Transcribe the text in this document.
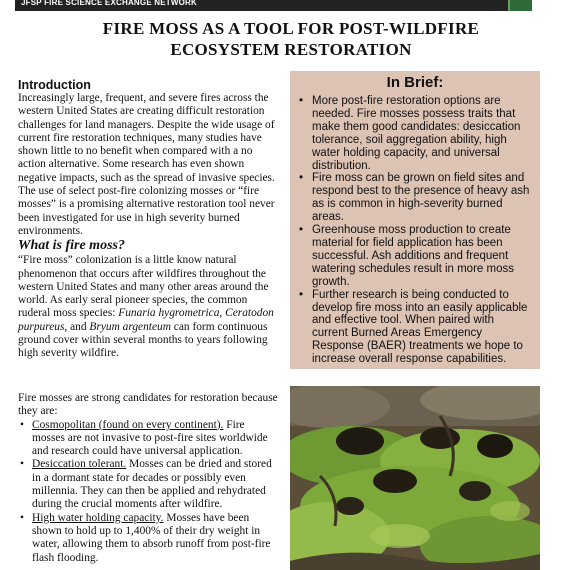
JFSP FIRE SCIENCE EXCHANGE NETWORK
FIRE MOSS AS A TOOL FOR POST-WILDFIRE
ECOSYSTEM RESTORATION

Introduction

Increasingly large, frequent, and severe fires across the western United States are creating difficult restoration challenges for land managers. Despite the wide usage of current fire restoration techniques, many studies have shown little to no benefit when compared with a no action alternative. Some research has even shown negative impacts, such as the spread of invasive species. The use of select post-fire colonizing mosses or “fire mosses” is a promising alternative restoration tool never been investigated for use in high severity burned environments.

What is fire moss?

“Fire moss” colonization is a little know natural phenomenon that occurs after wildfires throughout the western United States and many other areas around the world. As early seral pioneer species, the common ruderal moss species: Funaria hygrometrica, Ceratodon purpureus, and Bryum argenteum can form continuous ground cover within several months to years following high severity wildfire.

Fire mosses are strong candidates for restoration because they are:

• Cosmopolitan (found on every continent). Fire mosses are not invasive to post-fire sites worldwide and research could have universal application.
• Desiccation tolerant. Mosses can be dried and stored in a dormant state for decades or possibly even millennia. They can then be applied and rehydrated during the crucial moments after wildfire.
• High water holding capacity. Mosses have been shown to hold up to 1,400% of their dry weight in water, allowing them to absorb runoff from post-fire flash flooding.
In Brief:
• More post-fire restoration options are needed. Fire mosses possess traits that make them good candidates: desiccation tolerance, soil aggregation ability, high water holding capacity, and universal distribution.
• Fire moss can be grown on field sites and respond best to the presence of heavy ash as is common in high-severity burned areas.
• Greenhouse moss production to create material for field application has been successful. Ash additions and frequent watering schedules result in more moss growth.
• Further research is being conducted to develop fire moss into an easily applicable and effective tool. When paired with current Burned Areas Emergency Response (BAER) treatments we hope to increase overall response capabilities.
